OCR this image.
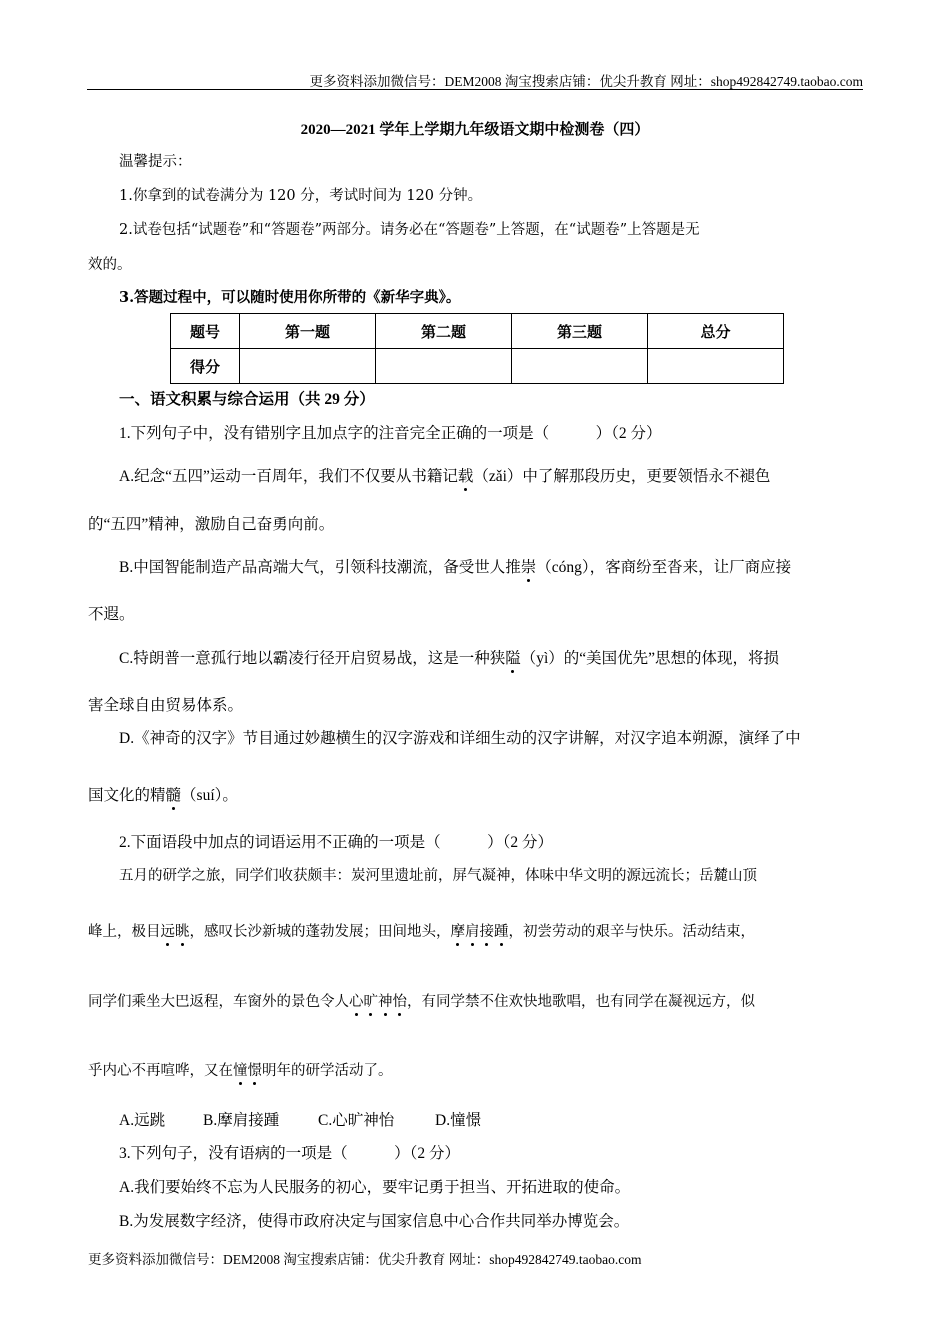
更多资料添加微信号：DEM2008 淘宝搜索店铺：优尖升教育 网址：shop492842749.taobao.com
2020—2021 学年上学期九年级语文期中检测卷（四）
温馨提示：
1.你拿到的试卷满分为 120 分，考试时间为 120 分钟。
2.试卷包括“试题卷”和“答题卷”两部分。请务必在“答题卷”上答题，在“试题卷”上答题是无
效的。
3.答题过程中，可以随时使用你所带的《新华字典》。
题号	第一题	第二题	第三题	总分
得分				
一、语文积累与综合运用（共 29 分）
1.下列句子中，没有错别字且加点字的注音完全正确的一项是（　　　）（2 分）
A.纪念“五四”运动一百周年，我们不仅要从书籍记载（zǎi）中了解那段历史，更要领悟永不褪色
的“五四”精神，激励自己奋勇向前。
B.中国智能制造产品高端大气，引领科技潮流，备受世人推崇（cóng），客商纷至沓来，让厂商应接
不遐。
C.特朗普一意孤行地以霸凌行径开启贸易战，这是一种狭隘（yì）的“美国优先”思想的体现，将损
害全球自由贸易体系。
D.《神奇的汉字》节目通过妙趣横生的汉字游戏和详细生动的汉字讲解，对汉字追本朔源，演绎了中
国文化的精髓（suí）。
2.下面语段中加点的词语运用不正确的一项是（　　　）（2 分）
五月的研学之旅，同学们收获颇丰：炭河里遗址前，屏气凝神，体味中华文明的源远流长；岳麓山顶
峰上，极目远眺，感叹长沙新城的蓬勃发展；田间地头，摩肩接踵，初尝劳动的艰辛与快乐。活动结束，
同学们乘坐大巴返程，车窗外的景色令人心旷神怡，有同学禁不住欢快地歌唱，也有同学在凝视远方，似
乎内心不再喧哗，又在憧憬明年的研学活动了。
A.远跳 B.摩肩接踵	C.心旷神怡	D.憧憬
3.下列句子，没有语病的一项是（　　　）（2 分）
A.我们要始终不忘为人民服务的初心，要牢记勇于担当、开拓进取的使命。
B.为发展数字经济，使得市政府决定与国家信息中心合作共同举办博览会。
更多资料添加微信号：DEM2008 淘宝搜索店铺：优尖升教育 网址：shop492842749.taobao.com
